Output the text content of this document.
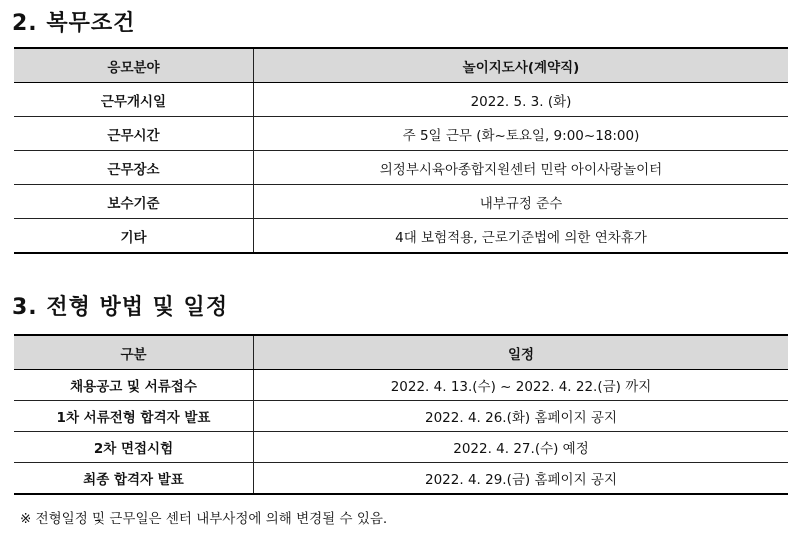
2. 복무조건
응모분야	놀이지도사(계약직)
근무개시일	2022. 5. 3. (화)
근무시간	주 5일 근무 (화~토요일, 9:00~18:00)
근무장소	의정부시육아종합지원센터 민락 아이사랑놀이터
보수기준	내부규정 준수
기타	4대 보험적용, 근로기준법에 의한 연차휴가
3. 전형 방법 및 일정
구분	일정
채용공고 및 서류접수	2022. 4. 13.(수) ~ 2022. 4. 22.(금) 까지
1차 서류전형 합격자 발표	2022. 4. 26.(화) 홈페이지 공지
2차 면접시험	2022. 4. 27.(수) 예정
최종 합격자 발표	2022. 4. 29.(금) 홈페이지 공지
※ 전형일정 및 근무일은 센터 내부사정에 의해 변경될 수 있음.
